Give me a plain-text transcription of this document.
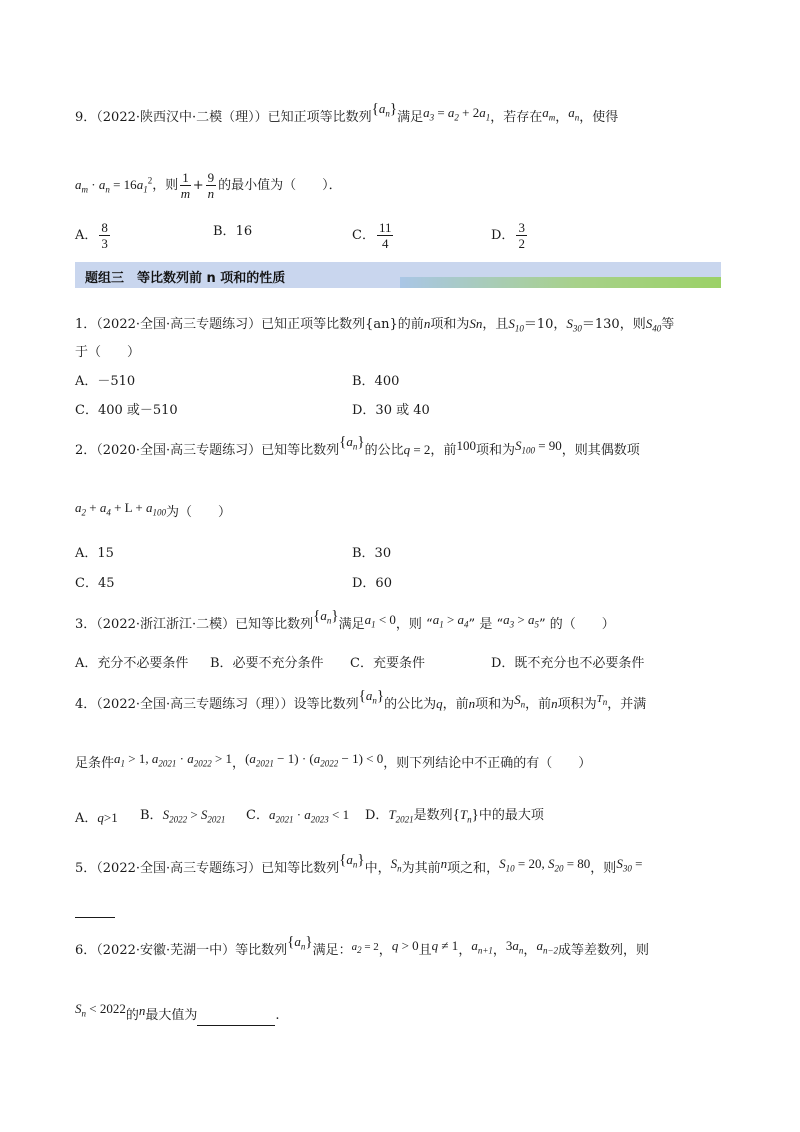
9．（2022·陕西汉中·二模（理））已知正项等比数列$\{a_n\}$满足$a_3 = a_2 + 2a_1$，若存在$a_m$，$a_n$，使得
$a_m \cdot a_n = 16a_1^2$，则 $\frac{1}{m} + \frac{9}{n}$ 的最小值为（　　）．
A． $\frac{8}{3}$	B．16	C． $\frac{11}{4}$	D． $\frac{3}{2}$
题组三　等比数列前 n 项和的性质
1．（2022·全国·高三专题练习）已知正项等比数列{an}的前n项和为Sn，且$S_{10}=10$，$S_{30}=130$，则$S_{40}$等
于（　　）
A．－510	B．400
C．400 或－510	D．30 或 40
2．（2020·全国·高三专题练习）已知等比数列$\{a_n\}$的公比q = 2，前100项和为$S_{100} = 90$，则其偶数项
$a_2 + a_4 + L + a_{100}$为（　　）
A．15	B．30
C．45	D．60
3．（2022·浙江浙江·二模）已知等比数列$\{a_n\}$满足$a_1 < 0$，则 “$a_1 > a_4$” 是 “$a_3 > a_5$” 的（　　）
A．充分不必要条件 B．必要不充分条件 C．充要条件	D．既不充分也不必要条件
4．（2022·全国·高三专题练习（理））设等比数列$\{a_n\}$的公比为q，前n项和为$S_n$，前n项积为$^{T_n}$，并满
足条件$a_1 > 1$, $a_{2021} \cdot a_{2022} > 1$，$(a_{2021} - 1) \cdot (a_{2022} - 1) < 0$，则下列结论中不正确的有（　　）
A．q>1 B．$S_{2022} > S_{2021}$ C．$a_{2021} \cdot a_{2023} < 1$ D．$T_{2021}$是数列$\{T_n\}$中的最大项
5．（2022·全国·高三专题练习）已知等比数列$\{a_n\}$中，$S_n$为其前n项之和，$S_{10} = 20$, $S_{20} = 80$，则$S_{30}$ =
6．（2022·安徽·芜湖一中）等比数列$\{a_n\}$满足：$^{a_2 = 2}$，q > 0且q ≠ 1，$a_{n+1}$，$3a_n$，$a_{n-2}$成等差数列，则
$S_n < 2022$的n最大值为	.
